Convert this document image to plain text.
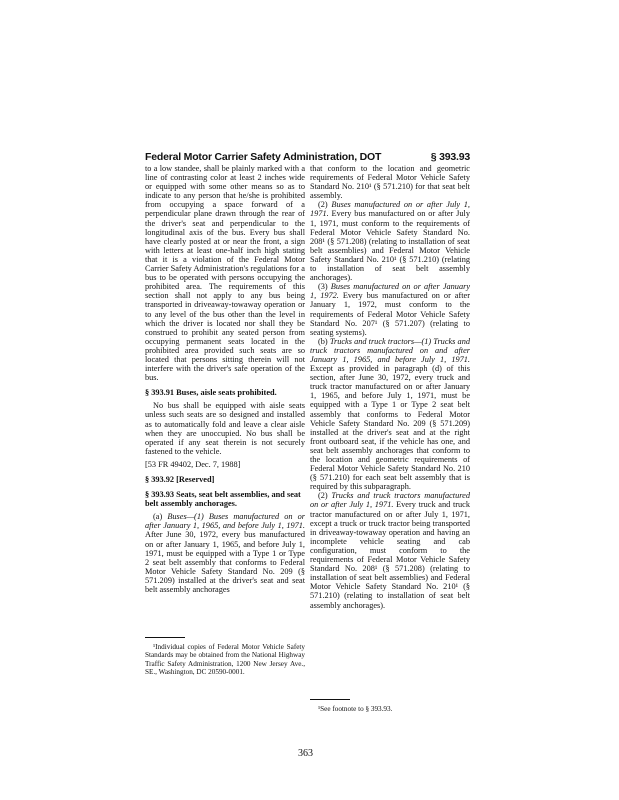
Federal Motor Carrier Safety Administration, DOT	§ 393.93

to a low standee, shall be plainly marked with a line of contrasting color at least 2 inches wide or equipped with some other means so as to indicate to any person that he/she is prohibited from occupying a space forward of a perpendicular plane drawn through the rear of the driver's seat and perpendicular to the longitudinal axis of the bus. Every bus shall have clearly posted at or near the front, a sign with letters at least one-half inch high stating that it is a violation of the Federal Motor Carrier Safety Administration's regulations for a bus to be operated with persons occupying the prohibited area. The requirements of this section shall not apply to any bus being transported in driveaway-towaway operation or to any level of the bus other than the level in which the driver is located nor shall they be construed to prohibit any seated person from occupying permanent seats located in the prohibited area provided such seats are so located that persons sitting therein will not interfere with the driver's safe operation of the bus.

§ 393.91 Buses, aisle seats prohibited.

No bus shall be equipped with aisle seats unless such seats are so designed and installed as to automatically fold and leave a clear aisle when they are unoccupied. No bus shall be operated if any seat therein is not securely fastened to the vehicle.

[53 FR 49402, Dec. 7, 1988]

§ 393.92 [Reserved]

§ 393.93 Seats, seat belt assemblies, and seat belt assembly anchorages.

(a) Buses—(1) Buses manufactured on or after January 1, 1965, and before July 1, 1971. After June 30, 1972, every bus manufactured on or after January 1, 1965, and before July 1, 1971, must be equipped with a Type 1 or Type 2 seat belt assembly that conforms to Federal Motor Vehicle Safety Standard No. 209 (§ 571.209) installed at the driver's seat and seat belt assembly anchorages

¹Individual copies of Federal Motor Vehicle Safety Standards may be obtained from the National Highway Traffic Safety Administration, 1200 New Jersey Ave., SE., Washington, DC 20590-0001.

that conform to the location and geometric requirements of Federal Motor Vehicle Safety Standard No. 210¹ (§ 571.210) for that seat belt assembly.

(2) Buses manufactured on or after July 1, 1971. Every bus manufactured on or after July 1, 1971, must conform to the requirements of Federal Motor Vehicle Safety Standard No. 208¹ (§ 571.208) (relating to installation of seat belt assemblies) and Federal Motor Vehicle Safety Standard No. 210¹ (§ 571.210) (relating to installation of seat belt assembly anchorages).

(3) Buses manufactured on or after January 1, 1972. Every bus manufactured on or after January 1, 1972, must conform to the requirements of Federal Motor Vehicle Safety Standard No. 207¹ (§ 571.207) (relating to seating systems).

(b) Trucks and truck tractors—(1) Trucks and truck tractors manufactured on and after January 1, 1965, and before July 1, 1971. Except as provided in paragraph (d) of this section, after June 30, 1972, every truck and truck tractor manufactured on or after January 1, 1965, and before July 1, 1971, must be equipped with a Type 1 or Type 2 seat belt assembly that conforms to Federal Motor Vehicle Safety Standard No. 209 (§ 571.209) installed at the driver's seat and at the right front outboard seat, if the vehicle has one, and seat belt assembly anchorages that conform to the location and geometric requirements of Federal Motor Vehicle Safety Standard No. 210 (§ 571.210) for each seat belt assembly that is required by this subparagraph.

(2) Trucks and truck tractors manufactured on or after July 1, 1971. Every truck and truck tractor manufactured on or after July 1, 1971, except a truck or truck tractor being transported in driveaway-towaway operation and having an incomplete vehicle seating and cab configuration, must conform to the requirements of Federal Motor Vehicle Safety Standard No. 208¹ (§ 571.208) (relating to installation of seat belt assemblies) and Federal Motor Vehicle Safety Standard No. 210¹ (§ 571.210) (relating to installation of seat belt assembly anchorages).

¹See footnote to § 393.93.
363
